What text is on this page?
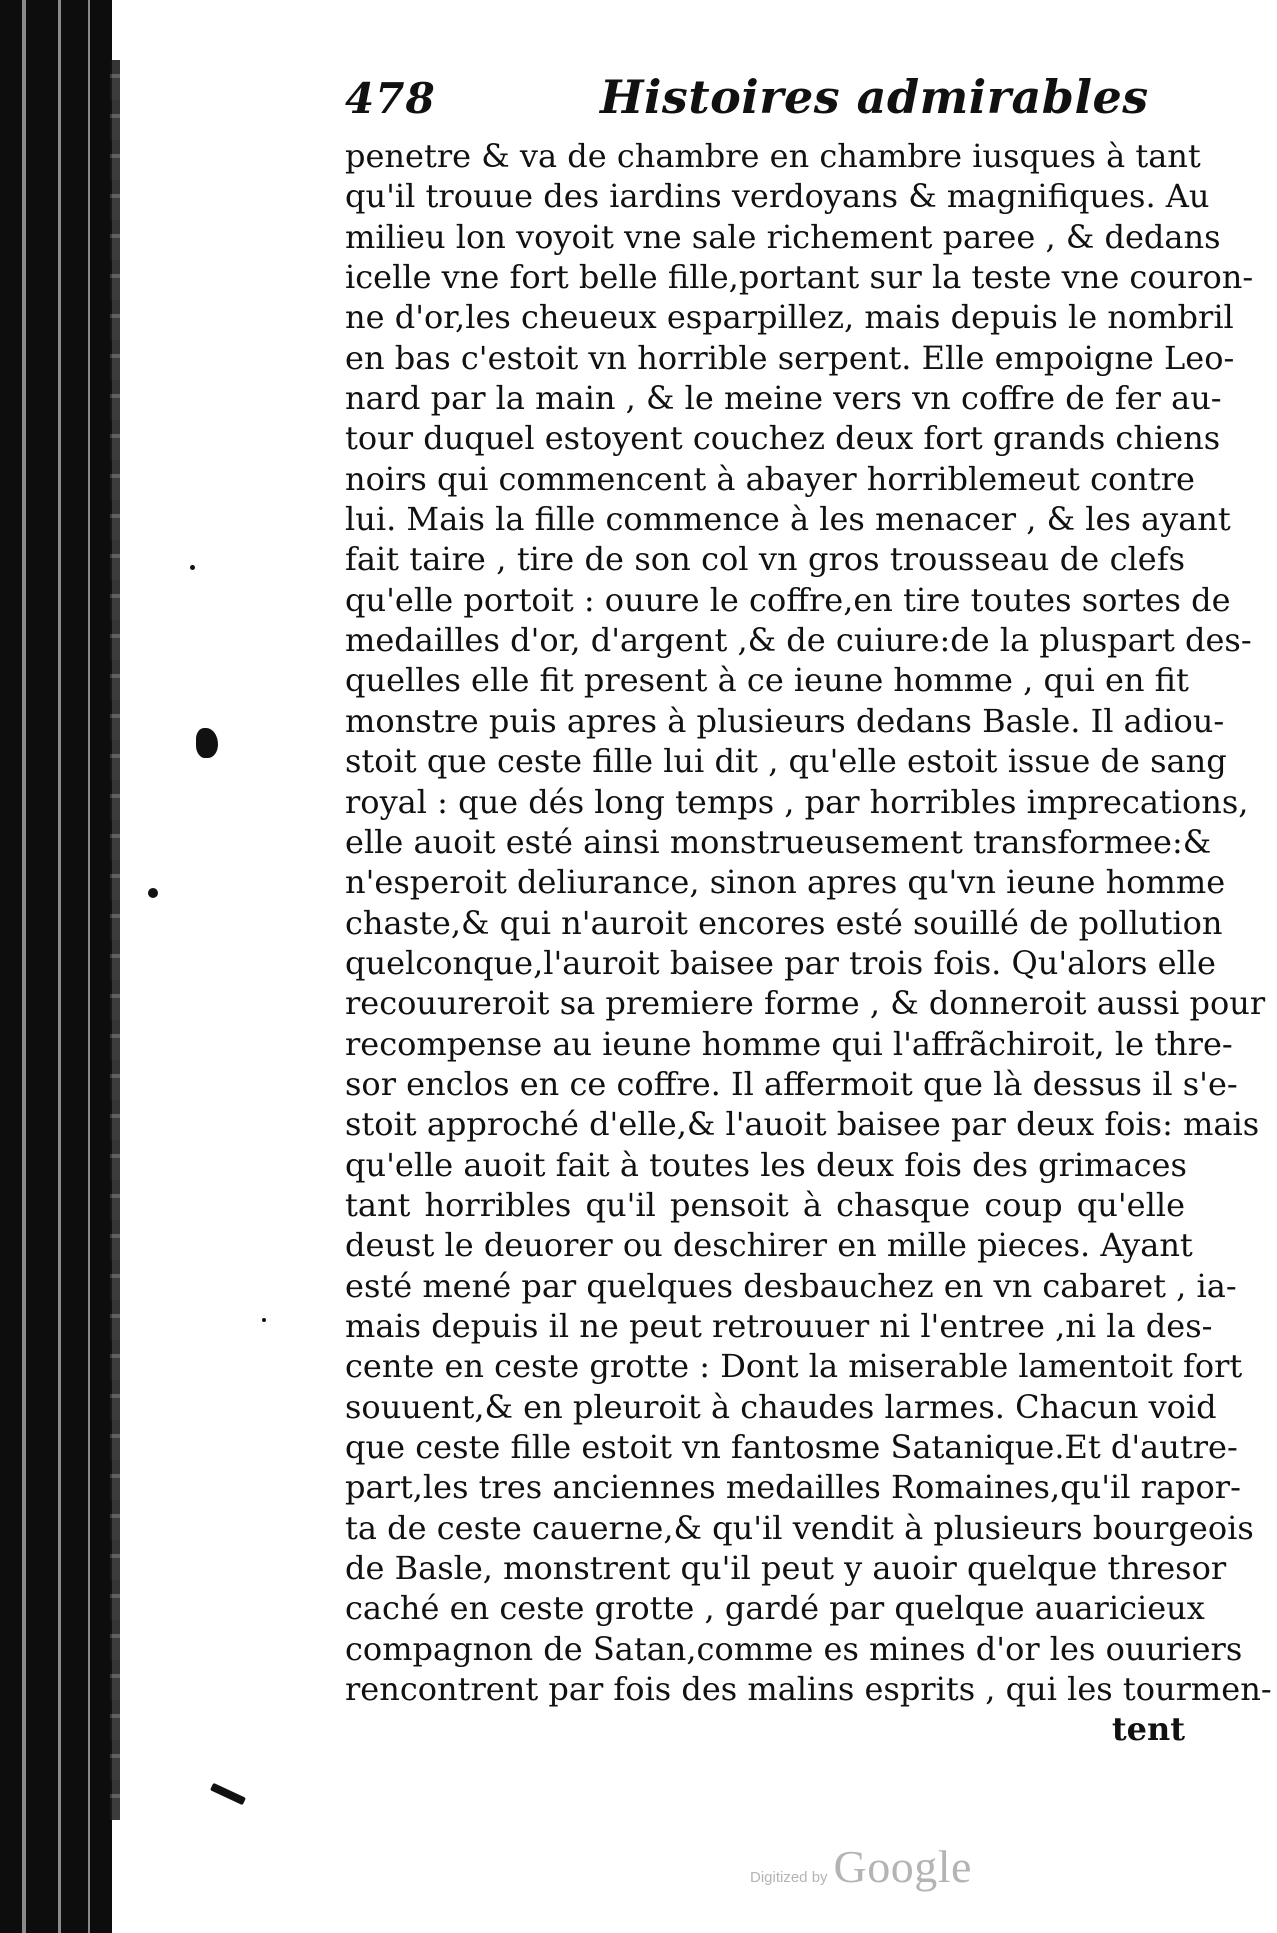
478	Histoires admirables
penetre & va de chambre en chambre iusques à tant
qu'il trouue des iardins verdoyans & magnifiques. Au
milieu lon voyoit vne sale richement paree , & dedans
icelle vne fort belle fille,portant sur la teste vne couron-
ne d'or,les cheueux esparpillez, mais depuis le nombril
en bas c'estoit vn horrible serpent. Elle empoigne Leo-
nard par la main , & le meine vers vn coffre de fer au-
tour duquel estoyent couchez deux fort grands chiens
noirs qui commencent à abayer horriblemeut contre
lui. Mais la fille commence à les menacer , & les ayant
fait taire , tire de son col vn gros trousseau de clefs
qu'elle portoit : ouure le coffre,en tire toutes sortes de
medailles d'or, d'argent ,& de cuiure:de la pluspart des-
quelles elle fit present à ce ieune homme , qui en fit
monstre puis apres à plusieurs dedans Basle. Il adiou-
stoit que ceste fille lui dit , qu'elle estoit issue de sang
royal : que dés long temps , par horribles imprecations,
elle auoit esté ainsi monstrueusement transformee:&
n'esperoit deliurance, sinon apres qu'vn ieune homme
chaste,& qui n'auroit encores esté souillé de pollution
quelconque,l'auroit baisee par trois fois. Qu'alors elle
recouureroit sa premiere forme , & donneroit aussi pour
recompense au ieune homme qui l'affrãchiroit, le thre-
sor enclos en ce coffre. Il affermoit que là dessus il s'e-
stoit approché d'elle,& l'auoit baisee par deux fois: mais
qu'elle auoit fait à toutes les deux fois des grimaces
tant horribles qu'il pensoit à chasque coup qu'elle
deust le deuorer ou deschirer en mille pieces. Ayant
esté mené par quelques desbauchez en vn cabaret , ia-
mais depuis il ne peut retrouuer ni l'entree ,ni la des-
cente en ceste grotte : Dont la miserable lamentoit fort
souuent,& en pleuroit à chaudes larmes. Chacun void
que ceste fille estoit vn fantosme Satanique.Et d'autre-
part,les tres anciennes medailles Romaines,qu'il rapor-
ta de ceste cauerne,& qu'il vendit à plusieurs bourgeois
de Basle, monstrent qu'il peut y auoir quelque thresor
caché en ceste grotte , gardé par quelque auaricieux
compagnon de Satan,comme es mines d'or les ouuriers
rencontrent par fois des malins esprits , qui les tourmen-
tent
Digitized by Google
